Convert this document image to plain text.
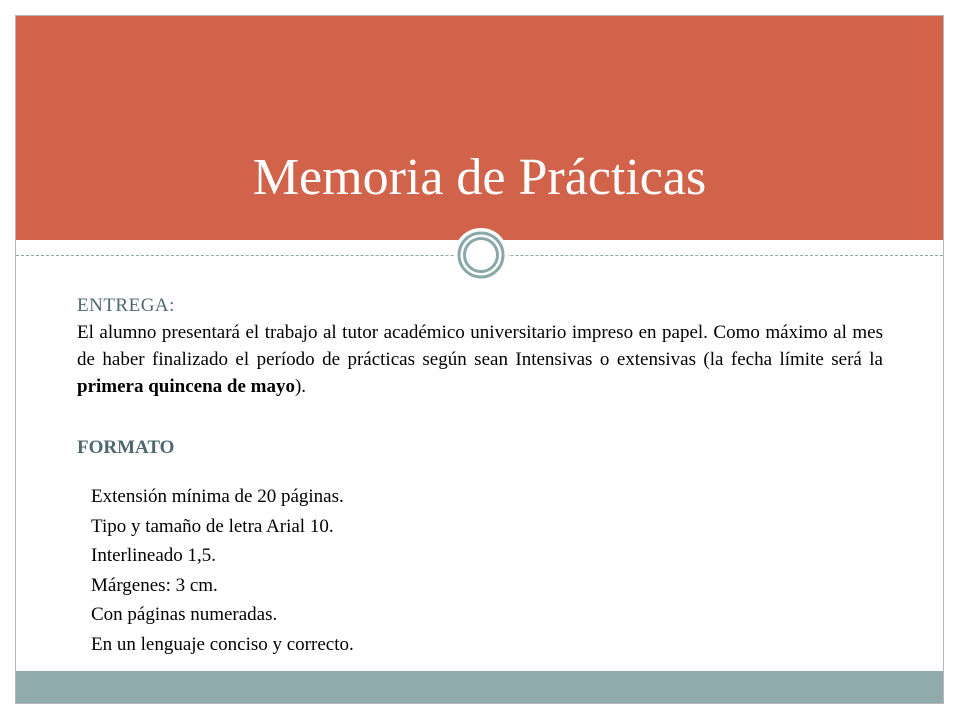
Memoria de Prácticas

ENTREGA:

El alumno presentará el trabajo al tutor académico universitario impreso en papel. Como máximo al mes de haber finalizado el período de prácticas según sean Intensivas o extensivas (la fecha límite será la primera quincena de mayo).

FORMATO
Extensión mínima de 20 páginas.
Tipo y tamaño de letra Arial 10.
Interlineado 1,5.
Márgenes: 3 cm.
Con páginas numeradas.
En un lenguaje conciso y correcto.
